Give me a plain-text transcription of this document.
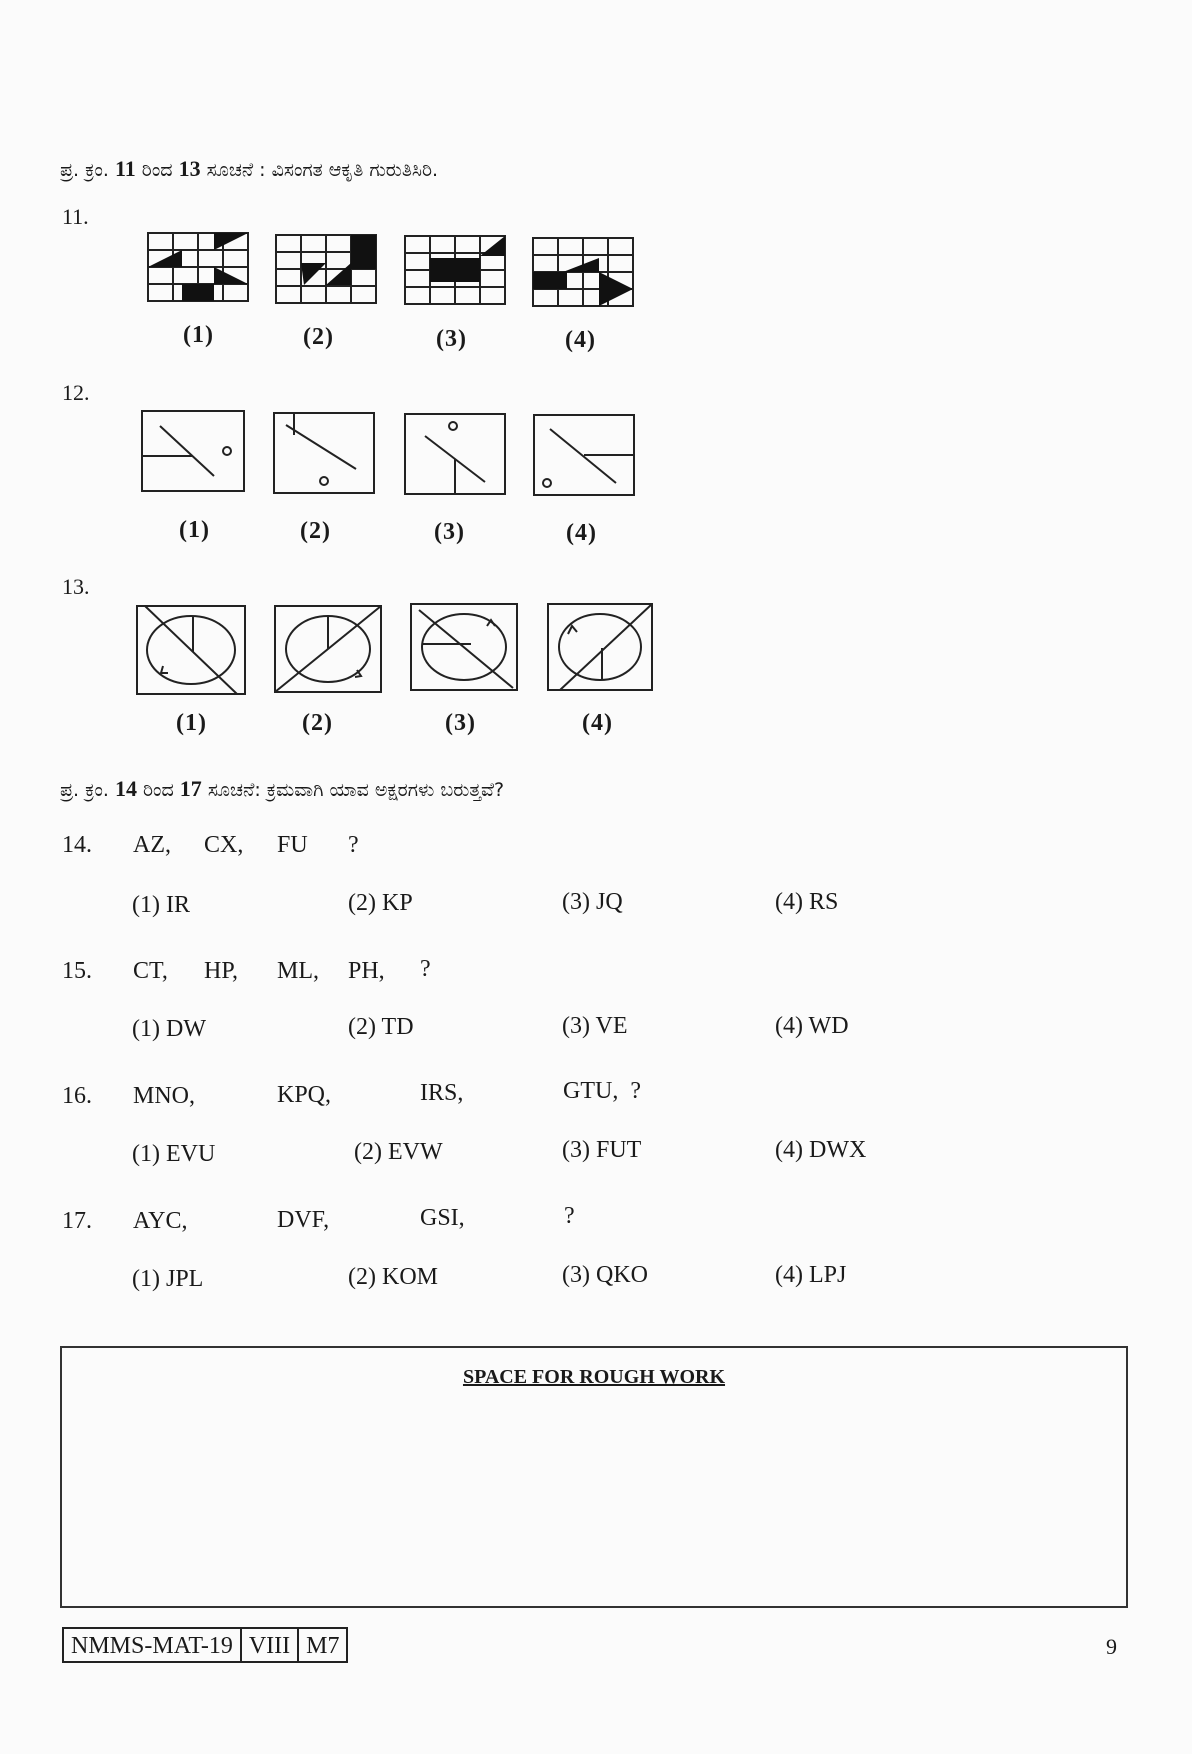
ಪ್ರ. ಕ್ರಂ. 11 ರಿಂದ 13 ಸೂಚನೆ : ವಿಸಂಗತ ಆಕೃತಿ ಗುರುತಿಸಿರಿ.
11.
(1)	(2)	(3)	(4)
12.
(1)	(2)	(3)	(4)
13.
(1)	(2)	(3)	(4)
ಪ್ರ. ಕ್ರಂ. 14 ರಿಂದ 17 ಸೂಚನೆ: ಕ್ರಮವಾಗಿ ಯಾವ ಅಕ್ಷರಗಳು ಬರುತ್ತವೆ?
14. AZ, CX, FU ?
(1) IR	(2) KP	(3) JQ	(4) RS
15. CT, HP, ML, PH, ?
(1) DW	(2) TD	(3) VE	(4) WD
16. MNO,	KPQ,	IRS,	GTU,  ?
(1) EVU	(2) EVW	(3) FUT	(4) DWX
17. AYC,	DVF,	GSI,	?
(1) JPL	(2) KOM	(3) QKO	(4) LPJ
SPACE FOR ROUGH WORK
NMMS-MAT-19 VIII M7	9
